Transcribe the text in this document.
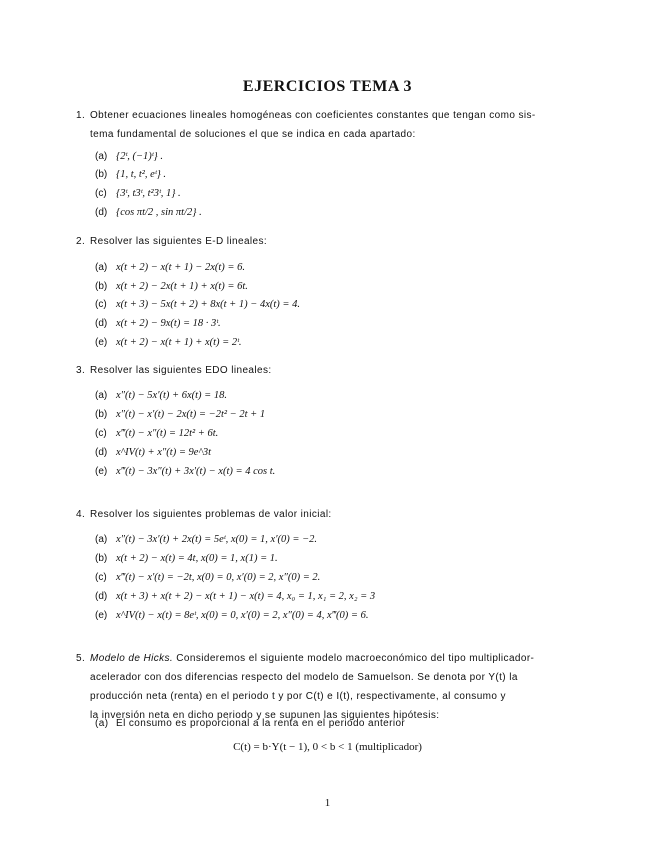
EJERCICIOS TEMA 3
1. Obtener ecuaciones lineales homogéneas con coeficientes constantes que tengan como sis-
tema fundamental de soluciones el que se indica en cada apartado:
(a) {2ᵗ, (−1)ᵗ} .
(b) {1, t, t², eᵗ} .
(c) {3ᵗ, t3ᵗ, t²3ᵗ, 1} .
(d) {cos πt/2 , sin πt/2} .
2. Resolver las siguientes E-D lineales:
(a) x(t + 2) − x(t + 1) − 2x(t) = 6.
(b) x(t + 2) − 2x(t + 1) + x(t) = 6t.
(c) x(t + 3) − 5x(t + 2) + 8x(t + 1) − 4x(t) = 4.
(d) x(t + 2) − 9x(t) = 18 · 3ᵗ.
(e) x(t + 2) − x(t + 1) + x(t) = 2ᵗ.
3. Resolver las siguientes EDO lineales:
(a) x″(t) − 5x′(t) + 6x(t) = 18.
(b) x″(t) − x′(t) − 2x(t) = −2t² − 2t + 1
(c) x‴(t) − x″(t) = 12t² + 6t.
(d) x^IV(t) + x″(t) = 9e^3t
(e) x‴(t) − 3x″(t) + 3x′(t) − x(t) = 4 cos t.
4. Resolver los siguientes problemas de valor inicial:
(a) x″(t) − 3x′(t) + 2x(t) = 5eᵗ, x(0) = 1, x′(0) = −2.
(b) x(t + 2) − x(t) = 4t, x(0) = 1, x(1) = 1.
(c) x‴(t) − x′(t) = −2t, x(0) = 0, x′(0) = 2, x″(0) = 2.
(d) x(t + 3) + x(t + 2) − x(t + 1) − x(t) = 4, x₀ = 1, x₁ = 2, x₂ = 3
(e) x^IV(t) − x(t) = 8eᵗ, x(0) = 0, x′(0) = 2, x″(0) = 4, x‴(0) = 6.
5. Modelo de Hicks. Consideremos el siguiente modelo macroeconómico del tipo multiplicador-
acelerador con dos diferencias respecto del modelo de Samuelson. Se denota por Y(t) la
producción neta (renta) en el periodo t y por C(t) e I(t), respectivamente, al consumo y
la inversión neta en dicho periodo y se supunen las siguientes hipótesis:
(a) El consumo es proporcional a la renta en el periodo anterior
C(t) = b·Y(t − 1), 0 < b < 1 (multiplicador)
1
